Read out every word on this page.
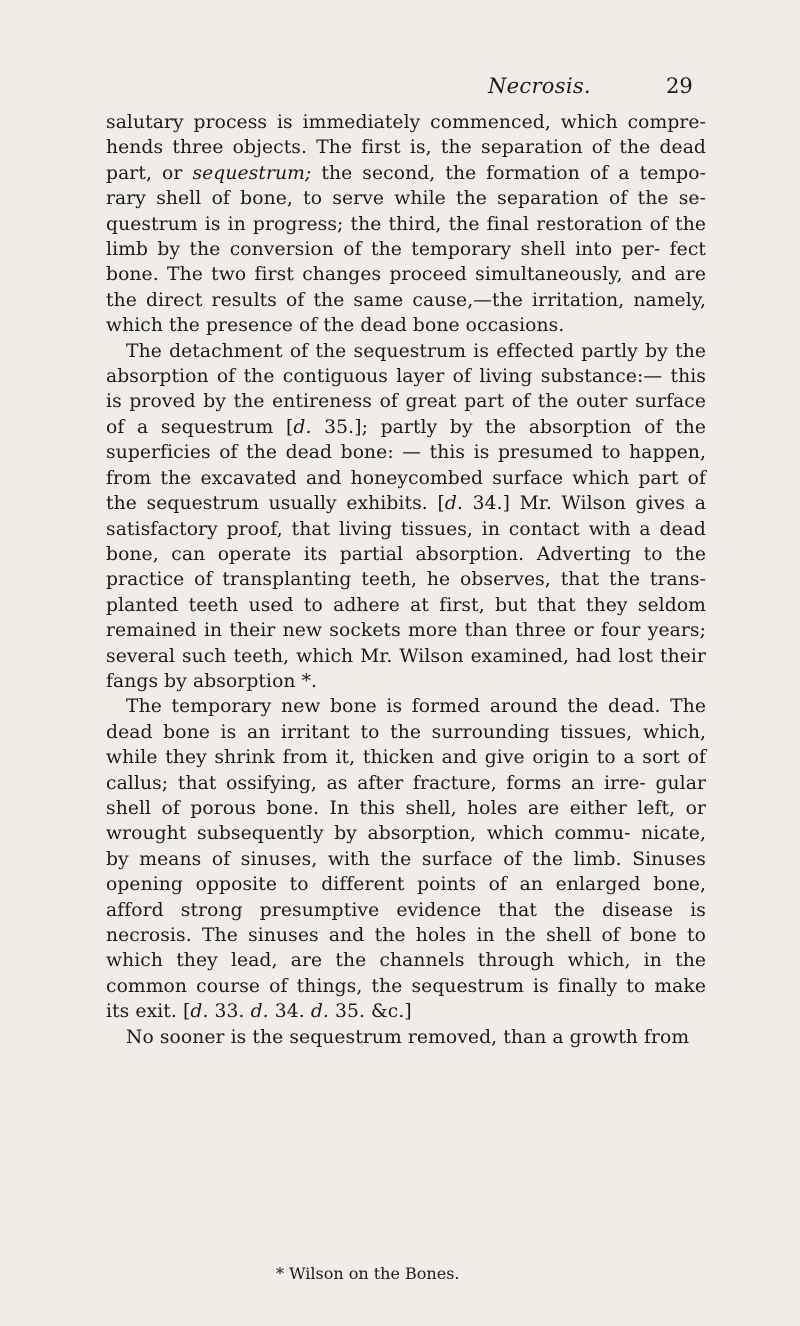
Necrosis.	29

salutary process is immediately commenced, which compre- hends three objects. The first is, the separation of the dead part, or sequestrum; the second, the formation of a tempo- rary shell of bone, to serve while the separation of the se- questrum is in progress; the third, the final restoration of the limb by the conversion of the temporary shell into per- fect bone. The two first changes proceed simultaneously, and are the direct results of the same cause,—the irritation, namely, which the presence of the dead bone occasions.

The detachment of the sequestrum is effected partly by the absorption of the contiguous layer of living substance:— this is proved by the entireness of great part of the outer surface of a sequestrum [d. 35.]; partly by the absorption of the superficies of the dead bone: — this is presumed to happen, from the excavated and honeycombed surface which part of the sequestrum usually exhibits. [d. 34.] Mr. Wilson gives a satisfactory proof, that living tissues, in contact with a dead bone, can operate its partial absorption. Adverting to the practice of transplanting teeth, he observes, that the trans- planted teeth used to adhere at first, but that they seldom remained in their new sockets more than three or four years; several such teeth, which Mr. Wilson examined, had lost their fangs by absorption *.

The temporary new bone is formed around the dead. The dead bone is an irritant to the surrounding tissues, which, while they shrink from it, thicken and give origin to a sort of callus; that ossifying, as after fracture, forms an irre- gular shell of porous bone. In this shell, holes are either left, or wrought subsequently by absorption, which commu- nicate, by means of sinuses, with the surface of the limb. Sinuses opening opposite to different points of an enlarged bone, afford strong presumptive evidence that the disease is necrosis. The sinuses and the holes in the shell of bone to which they lead, are the channels through which, in the common course of things, the sequestrum is finally to make its exit. [d. 33. d. 34. d. 35. &c.]

No sooner is the sequestrum removed, than a growth from

* Wilson on the Bones.
